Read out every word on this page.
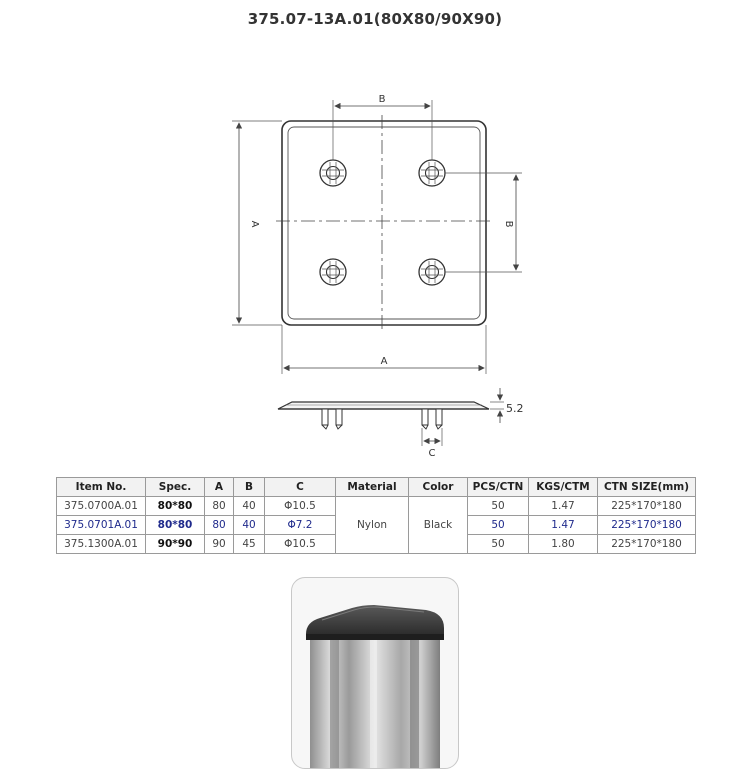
375.07-13A.01(80X80/90X90)
B
B
A
A
5.2
C
Item No.	Spec.	A	B	C	Material	Color	PCS/CTN	KGS/CTM	CTN SIZE(mm)
375.0700A.01	80*80	80	40	Φ10.5	Nylon	Black	50	1.47	225*170*180
375.0701A.01	80*80	80	40	Φ7.2			50	1.47	225*170*180
375.1300A.01	90*90	90	45	Φ10.5			50	1.80	225*170*180
